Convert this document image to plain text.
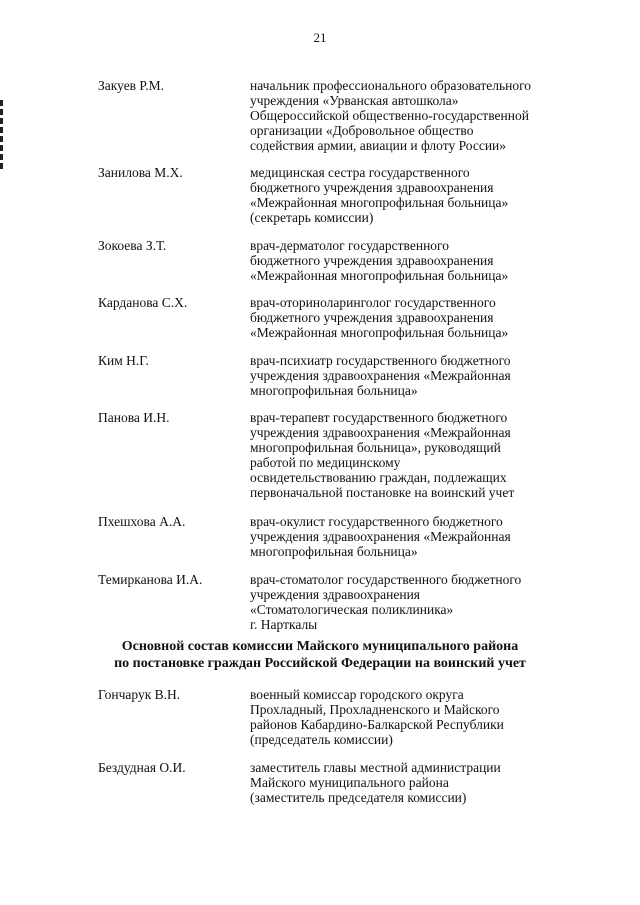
21
Закуев Р.М.	начальник профессионального образовательного
учреждения «Урванская автошкола»
Общероссийской общественно-государственной
организации «Добровольное общество
содействия армии, авиации и флоту России»
Занилова М.Х.	медицинская сестра государственного
бюджетного учреждения здравоохранения
«Межрайонная многопрофильная больница»
(секретарь комиссии)
Зокоева З.Т.	врач-дерматолог государственного
бюджетного учреждения здравоохранения
«Межрайонная многопрофильная больница»
Карданова С.Х.	врач-оториноларинголог государственного
бюджетного учреждения здравоохранения
«Межрайонная многопрофильная больница»
Ким Н.Г.	врач-психиатр государственного бюджетного
учреждения здравоохранения «Межрайонная
многопрофильная больница»
Панова И.Н.	врач-терапевт государственного бюджетного
учреждения здравоохранения «Межрайонная
многопрофильная больница», руководящий
работой по медицинскому
освидетельствованию граждан, подлежащих
первоначальной постановке на воинский учет
Пхешхова А.А.	врач-окулист государственного бюджетного
учреждения здравоохранения «Межрайонная
многопрофильная больница»
Темирканова И.А.	врач-стоматолог государственного бюджетного
учреждения здравоохранения
«Стоматологическая поликлиника»
г. Нарткалы
Основной состав комиссии Майского муниципального района
по постановке граждан Российской Федерации на воинский учет
Гончарук В.Н.	военный комиссар городского округа
Прохладный, Прохладненского и Майского
районов Кабардино-Балкарской Республики
(председатель комиссии)
Бездудная О.И.	заместитель главы местной администрации
Майского муниципального района
(заместитель председателя комиссии)
